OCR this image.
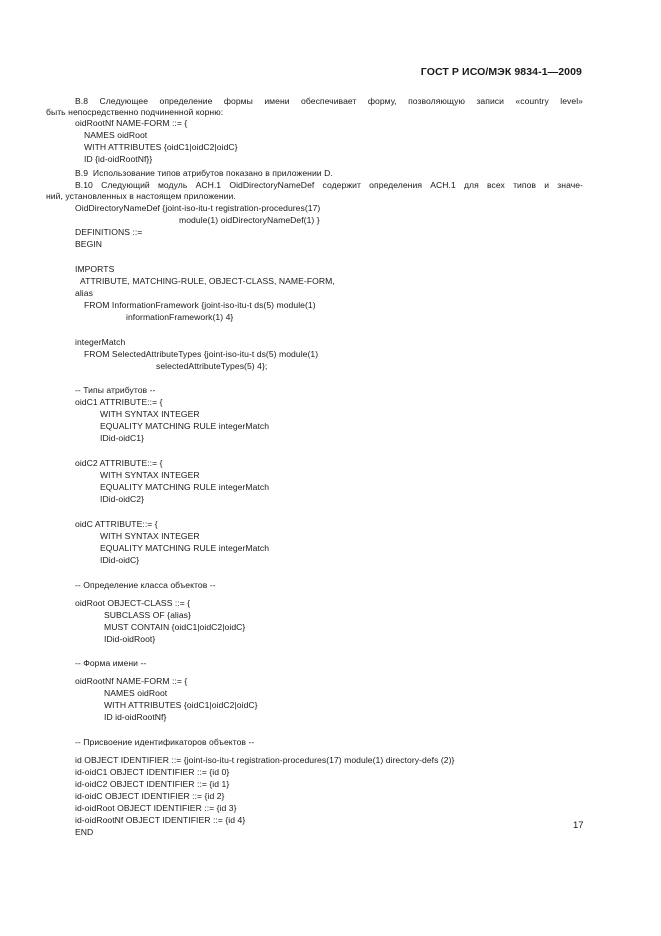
ГОСТ Р ИСО/МЭК 9834-1—2009
B.8 Следующее определение формы имени обеспечивает форму, позволяющую записи «country level»
быть непосредственно подчиненной корню:
oidRootNf NAME-FORM ::= {
NAMES oidRoot
WITH ATTRIBUTES {oidC1|oidC2|oidC}
ID {id-oidRootNf}}
B.9  Использование типов атрибутов показано в приложении D.
B.10 Следующий модуль ACH.1 OidDirectoryNameDef содержит определения ACH.1 для всех типов и значе-
ний, установленных в настоящем приложении.
OidDirectoryNameDef {joint-iso-itu-t registration-procedures(17)
module(1) oidDirectoryNameDef(1) }
DEFINITIONS ::=
BEGIN
IMPORTS
ATTRIBUTE, MATCHING-RULE, OBJECT-CLASS, NAME-FORM,
alias
FROM InformationFramework {joint-iso-itu-t ds(5) module(1)
informationFramework(1) 4}
integerMatch
FROM SelectedAttributeTypes {joint-iso-itu-t ds(5) module(1)
selectedAttributeTypes(5) 4};
-- Типы атрибутов --
oidC1 ATTRIBUTE::= {
WITH SYNTAX INTEGER
EQUALITY MATCHING RULE integerMatch
IDid-oidC1}
oidC2 ATTRIBUTE::= {
WITH SYNTAX INTEGER
EQUALITY MATCHING RULE integerMatch
IDid-oidC2}
oidC ATTRIBUTE::= {
WITH SYNTAX INTEGER
EQUALITY MATCHING RULE integerMatch
IDid-oidC}
-- Определение класса объектов --
oidRoot OBJECT-CLASS ::= {
SUBCLASS OF {alias}
MUST CONTAIN {oidC1|oidC2|oidC}
IDid-oidRoot}
-- Форма имени --
oidRootNf NAME-FORM ::= {
NAMES oidRoot
WITH ATTRIBUTES {oidC1|oidC2|oidC}
ID id-oidRootNf}
-- Присвоение идентификаторов объектов --
id OBJECT IDENTIFIER ::= {joint-iso-itu-t registration-procedures(17) module(1) directory-defs (2)}
id-oidC1 OBJECT IDENTIFIER ::= {id 0}
id-oidC2 OBJECT IDENTIFIER ::= {id 1}
id-oidC OBJECT IDENTIFIER ::= {id 2}
id-oidRoot OBJECT IDENTIFIER ::= {id 3}
id-oidRootNf OBJECT IDENTIFIER ::= {id 4}
END
17
